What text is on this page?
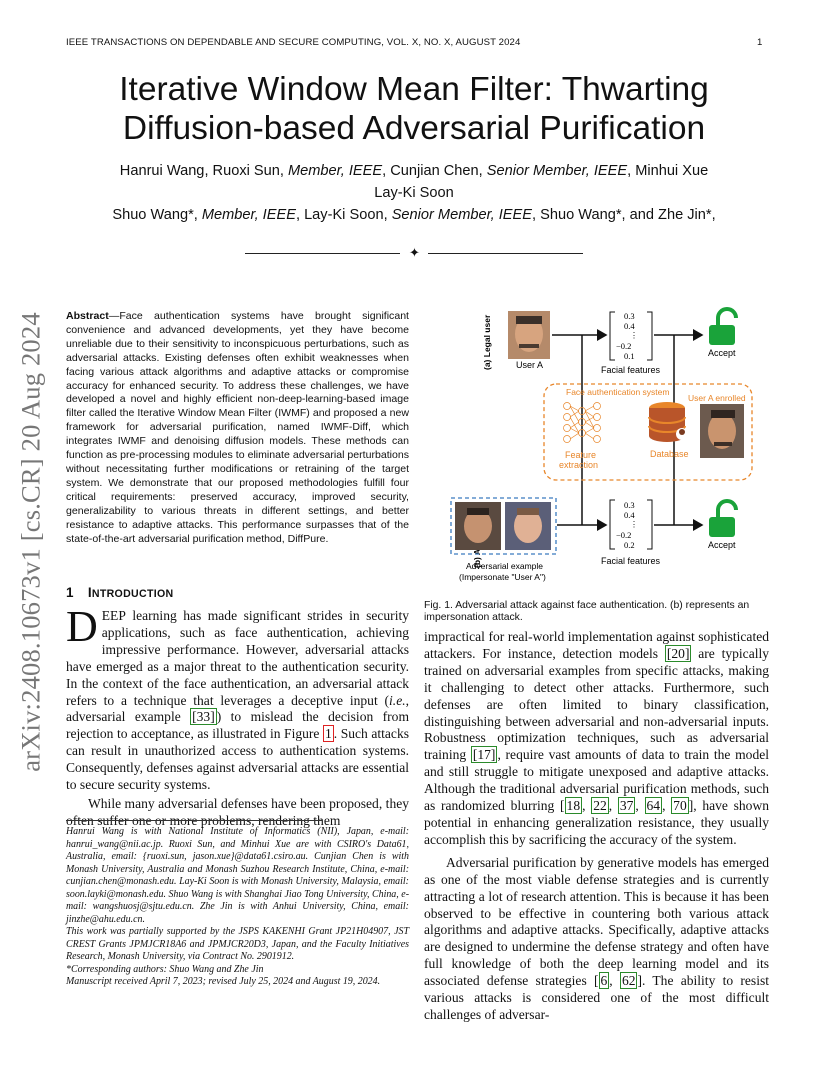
IEEE TRANSACTIONS ON DEPENDABLE AND SECURE COMPUTING, VOL. X, NO. X, AUGUST 2024	1
arXiv:2408.10673v1 [cs.CR] 20 Aug 2024
Iterative Window Mean Filter: Thwarting
Diffusion-based Adversarial Purification
Hanrui Wang, Ruoxi Sun, Member, IEEE, Cunjian Chen, Senior Member, IEEE, Minhui Xue Lay-Ki Soon
Shuo Wang*, Member, IEEE, Lay-Ki Soon, Senior Member, IEEE, Shuo Wang*, and Zhe Jin*,
✦
Abstract—Face authentication systems have brought significant convenience and advanced developments, yet they have become unreliable due to their sensitivity to inconspicuous perturbations, such as adversarial attacks. Existing defenses often exhibit weaknesses when facing various attack algorithms and adaptive attacks or compromise accuracy for enhanced security. To address these challenges, we have developed a novel and highly efficient non-deep-learning-based image filter called the Iterative Window Mean Filter (IWMF) and proposed a new framework for adversarial purification, named IWMF-Diff, which integrates IWMF and denoising diffusion models. These methods can function as pre-processing modules to eliminate adversarial perturbations without necessitating further modifications or retraining of the target system. We demonstrate that our proposed methodologies fulfill four critical requirements: preserved accuracy, improved security, generalizability to various threats in different settings, and better resistance to adaptive attacks. This performance surpasses that of the state-of-the-art adversarial purification method, DiffPure.
1 INTRODUCTION
DEEP learning has made significant strides in security applications, such as face authentication, achieving impressive performance. However, adversarial attacks have emerged as a major threat to the authentication security. In the context of the face authentication, an adversarial attack refers to a technique that leverages a deceptive input (i.e., adversarial example [33] ) to mislead the decision from rejection to acceptance, as illustrated in Figure 1 . Such attacks can result in unauthorized access to authentication systems. Consequently, defenses against adversarial attacks are essential to secure security systems.
While many adversarial defenses have been proposed, they often suffer one or more problems, rendering them

Hanrui Wang is with National Institute of Informatics (NII), Japan, e-mail: hanrui_wang@nii.ac.jp. Ruoxi Sun, and Minhui Xue are with CSIRO's Data61, Australia, email: {ruoxi.sun, jason.xue}@data61.csiro.au. Cunjian Chen is with Monash University, Australia and Monash Suzhou Research Institute, China, e-mail: cunjian.chen@monash.edu. Lay-Ki Soon is with Monash University, Malaysia, email: soon.layki@monash.edu. Shuo Wang is with Shanghai Jiao Tong University, China, e-mail: wangshuosj@sjtu.edu.cn. Zhe Jin is with Anhui University, China, email: jinzhe@ahu.edu.cn.

This work was partially supported by the JSPS KAKENHI Grant JP21H04907, JST CREST Grants JPMJCR18A6 and JPMJCR20D3, Japan, and the Faculty Initiatives Research, Monash University, via Contract No. 2901912.

*Corresponding authors: Shuo Wang and Zhe Jin

Manuscript received April 7, 2023; revised July 25, 2024 and August 19, 2024.

(a) Legal user	User A
0.3
0.4
⋮
−0.2
0.1
Facial features
Accept
Face authentication system
User A enrolled
Feature
extraction
Database
Adversarial example
(Impersonate "User A")
0.3
0.4
⋮
−0.2
0.2
Facial features
Accept
Fig. 1. Adversarial attack against face authentication. (b) represents an impersonation attack.
impractical for real-world implementation against sophisticated attackers. For instance, detection models [20] are typically trained on adversarial examples from specific attacks, making it challenging to detect other attacks. Furthermore, such defenses are often limited to binary classification, distinguishing between adversarial and non-adversarial inputs. Robustness optimization techniques, such as adversarial training [17] , require vast amounts of data to train the model and still struggle to mitigate unexposed and adaptive attacks. Although the traditional adversarial purification methods, such as randomized blurring [ 18 , 22 , 37 , 64 , 70 ], have shown potential in enhancing generalization resistance, they usually accomplish this by sacrificing the accuracy of the system.
Adversarial purification by generative models has emerged as one of the most viable defense strategies and is currently attracting a lot of research attention. This is because it has been observed to be effective in countering both various attack algorithms and adaptive attacks. Specifically, adaptive attacks are designed to undermine the defense strategy and often have full knowledge of both the deep learning model and its associated defense strategies [ 6 , 62 ]. The ability to resist various attacks is considered one of the most difficult challenges of adversar-
